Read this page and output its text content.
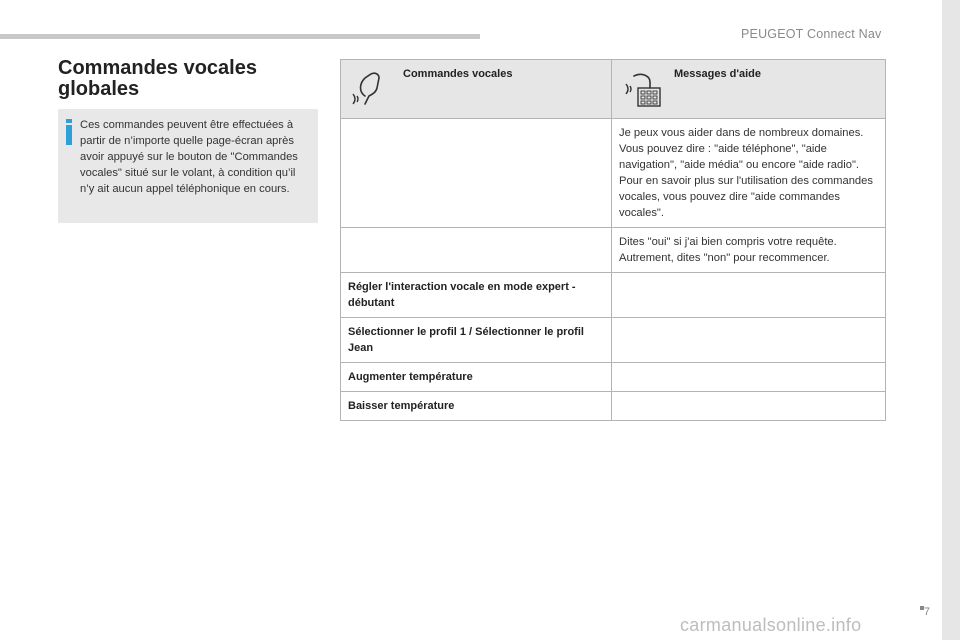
PEUGEOT Connect Nav
7
carmanualsonline.info
Commandes vocales globales
Ces commandes peuvent être effectuées à partir de n’importe quelle page-écran après avoir appuyé sur le bouton de "Commandes vocales" situé sur le volant, à condition qu’il n’y ait aucun appel téléphonique en cours.
Commandes vocales	Messages d'aide

	Je peux vous aider dans de nombreux domaines. Vous pouvez dire : "aide téléphone", "aide navigation", "aide média" ou encore "aide radio". Pour en savoir plus sur l'utilisation des commandes vocales, vous pouvez dire "aide commandes vocales".

	Dites "oui" si j'ai bien compris votre requête. Autrement, dites "non" pour recommencer.

Régler l'interaction vocale en mode expert - débutant	

Sélectionner le profil 1 / Sélectionner le profil Jean	

Augmenter température	

Baisser température	
